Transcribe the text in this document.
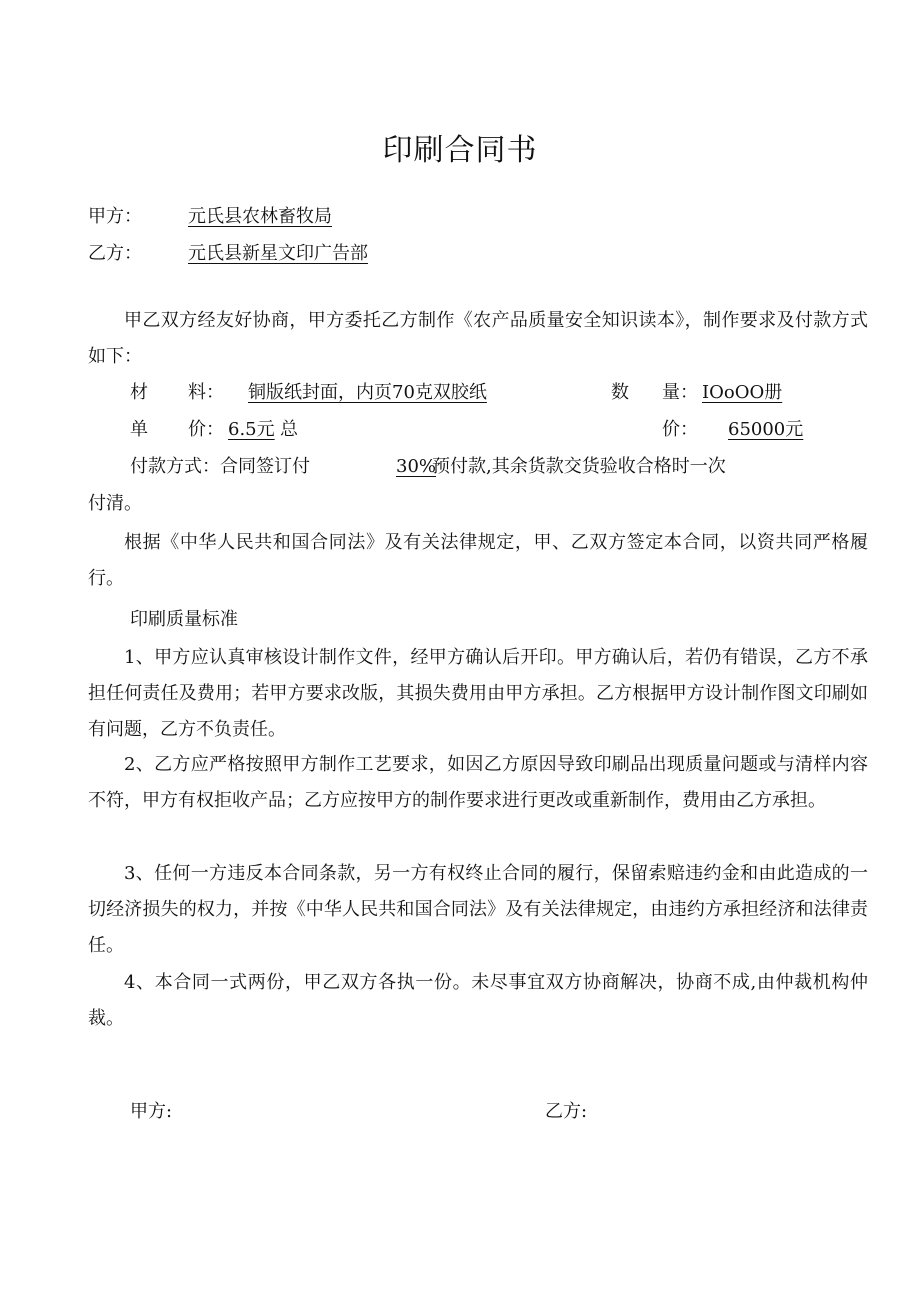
印刷合同书
甲方：	元氏县农林畜牧局
乙方：	元氏县新星文印广告部
甲乙双方经友好协商，甲方委托乙方制作《农产品质量安全知识读本》，制作要求及付款方式如下：
材 料： 铜版纸封面，内页70克双胶纸	数 量： IOoOO册
单 价： 6.5元 总	价： 65000元
付款方式：合同签订付	30%
预付款,其余货款交货验收合格时一次
付清。
根据《中华人民共和国合同法》及有关法律规定，甲、乙双方签定本合同，以资共同严格履行。
印刷质量标准
1、甲方应认真审核设计制作文件，经甲方确认后开印。甲方确认后，若仍有错误，乙方不承担任何责任及费用；若甲方要求改版，其损失费用由甲方承担。乙方根据甲方设计制作图文印刷如有问题，乙方不负责任。
2、乙方应严格按照甲方制作工艺要求，如因乙方原因导致印刷品出现质量问题或与清样内容不符，甲方有权拒收产品；乙方应按甲方的制作要求进行更改或重新制作，费用由乙方承担。
3、任何一方违反本合同条款，另一方有权终止合同的履行，保留索赔违约金和由此造成的一切经济损失的权力，并按《中华人民共和国合同法》及有关法律规定，由违约方承担经济和法律责任。
4、本合同一式两份，甲乙双方各执一份。未尽事宜双方协商解决，协商不成,由仲裁机构仲裁。
甲方:	乙方:
